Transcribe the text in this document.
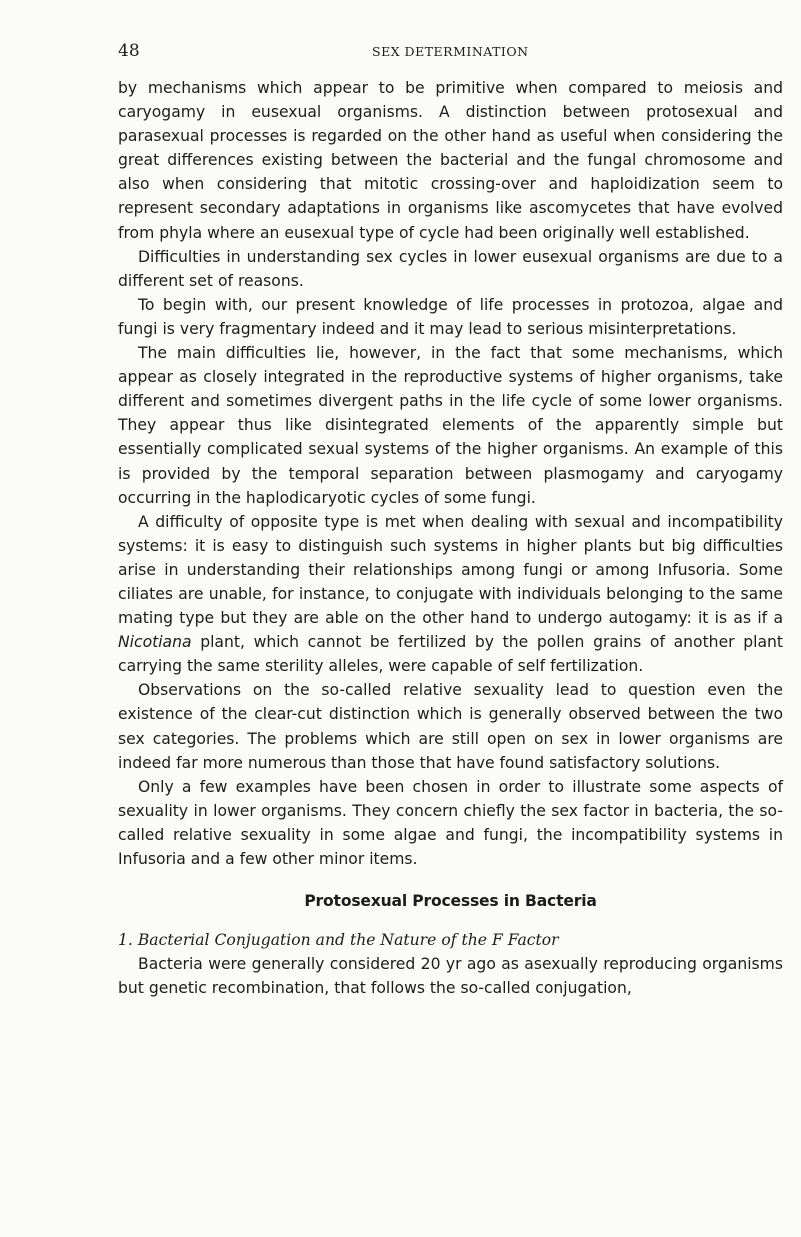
48	SEX DETERMINATION

by mechanisms which appear to be primitive when compared to meiosis and caryogamy in eusexual organisms. A distinction between protosexual and parasexual processes is regarded on the other hand as useful when considering the great differences existing between the bacterial and the fungal chromosome and also when considering that mitotic crossing-over and haploidization seem to represent secondary adaptations in organisms like ascomycetes that have evolved from phyla where an eusexual type of cycle had been originally well established.

Difficulties in understanding sex cycles in lower eusexual organisms are due to a different set of reasons.

To begin with, our present knowledge of life processes in protozoa, algae and fungi is very fragmentary indeed and it may lead to serious misinterpretations.

The main difficulties lie, however, in the fact that some mechanisms, which appear as closely integrated in the reproductive systems of higher organisms, take different and sometimes divergent paths in the life cycle of some lower organisms. They appear thus like disintegrated elements of the apparently simple but essentially complicated sexual systems of the higher organisms. An example of this is provided by the temporal separation between plasmogamy and caryogamy occurring in the haplodicaryotic cycles of some fungi.

A difficulty of opposite type is met when dealing with sexual and incompatibility systems: it is easy to distinguish such systems in higher plants but big difficulties arise in understanding their relationships among fungi or among Infusoria. Some ciliates are unable, for instance, to conjugate with individuals belonging to the same mating type but they are able on the other hand to undergo autogamy: it is as if a Nicotiana plant, which cannot be fertilized by the pollen grains of another plant carrying the same sterility alleles, were capable of self fertilization.

Observations on the so-called relative sexuality lead to question even the existence of the clear-cut distinction which is generally observed between the two sex categories. The problems which are still open on sex in lower organisms are indeed far more numerous than those that have found satisfactory solutions.

Only a few examples have been chosen in order to illustrate some aspects of sexuality in lower organisms. They concern chiefly the sex factor in bacteria, the so-called relative sexuality in some algae and fungi, the incompatibility systems in Infusoria and a few other minor items.

Protosexual Processes in Bacteria

1. Bacterial Conjugation and the Nature of the F Factor

Bacteria were generally considered 20 yr ago as asexually reproducing organisms but genetic recombination, that follows the so-called conjugation,
